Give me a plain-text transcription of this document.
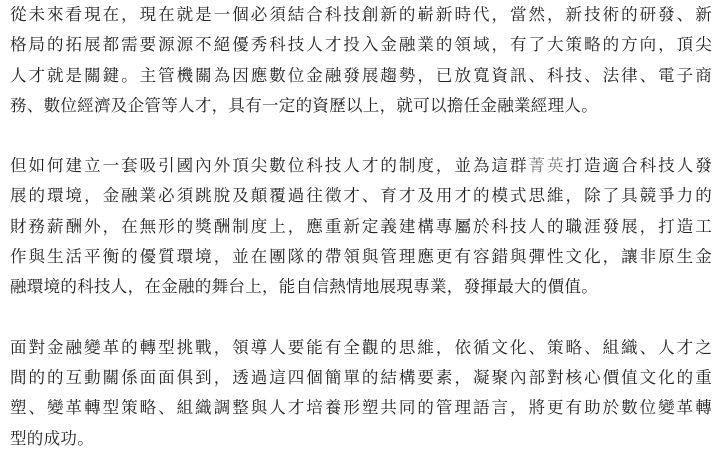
從未來看現在，現在就是一個必須結合科技創新的嶄新時代，當然，新技術的研發、新
格局的拓展都需要源源不絕優秀科技人才投入金融業的領域，有了大策略的方向，頂尖
人才就是關鍵。主管機關為因應數位金融發展趨勢，已放寬資訊、科技、法律、電子商
務、數位經濟及企管等人才，具有一定的資歷以上，就可以擔任金融業經理人。

但如何建立一套吸引國內外頂尖數位科技人才的制度，並為這群菁英打造適合科技人發
展的環境，金融業必須跳脫及顛覆過往徵才、育才及用才的模式思維，除了具競爭力的
財務薪酬外，在無形的獎酬制度上，應重新定義建構專屬於科技人的職涯發展，打造工
作與生活平衡的優質環境，並在團隊的帶領與管理應更有容錯與彈性文化，讓非原生金
融環境的科技人，在金融的舞台上，能自信熱情地展現專業，發揮最大的價值。

面對金融變革的轉型挑戰，領導人要能有全觀的思維，依循文化、策略、組織、人才之
間的的互動關係面面俱到，透過這四個簡單的結構要素，凝聚內部對核心價值文化的重
塑、變革轉型策略、組織調整與人才培養形塑共同的管理語言，將更有助於數位變革轉
型的成功。
